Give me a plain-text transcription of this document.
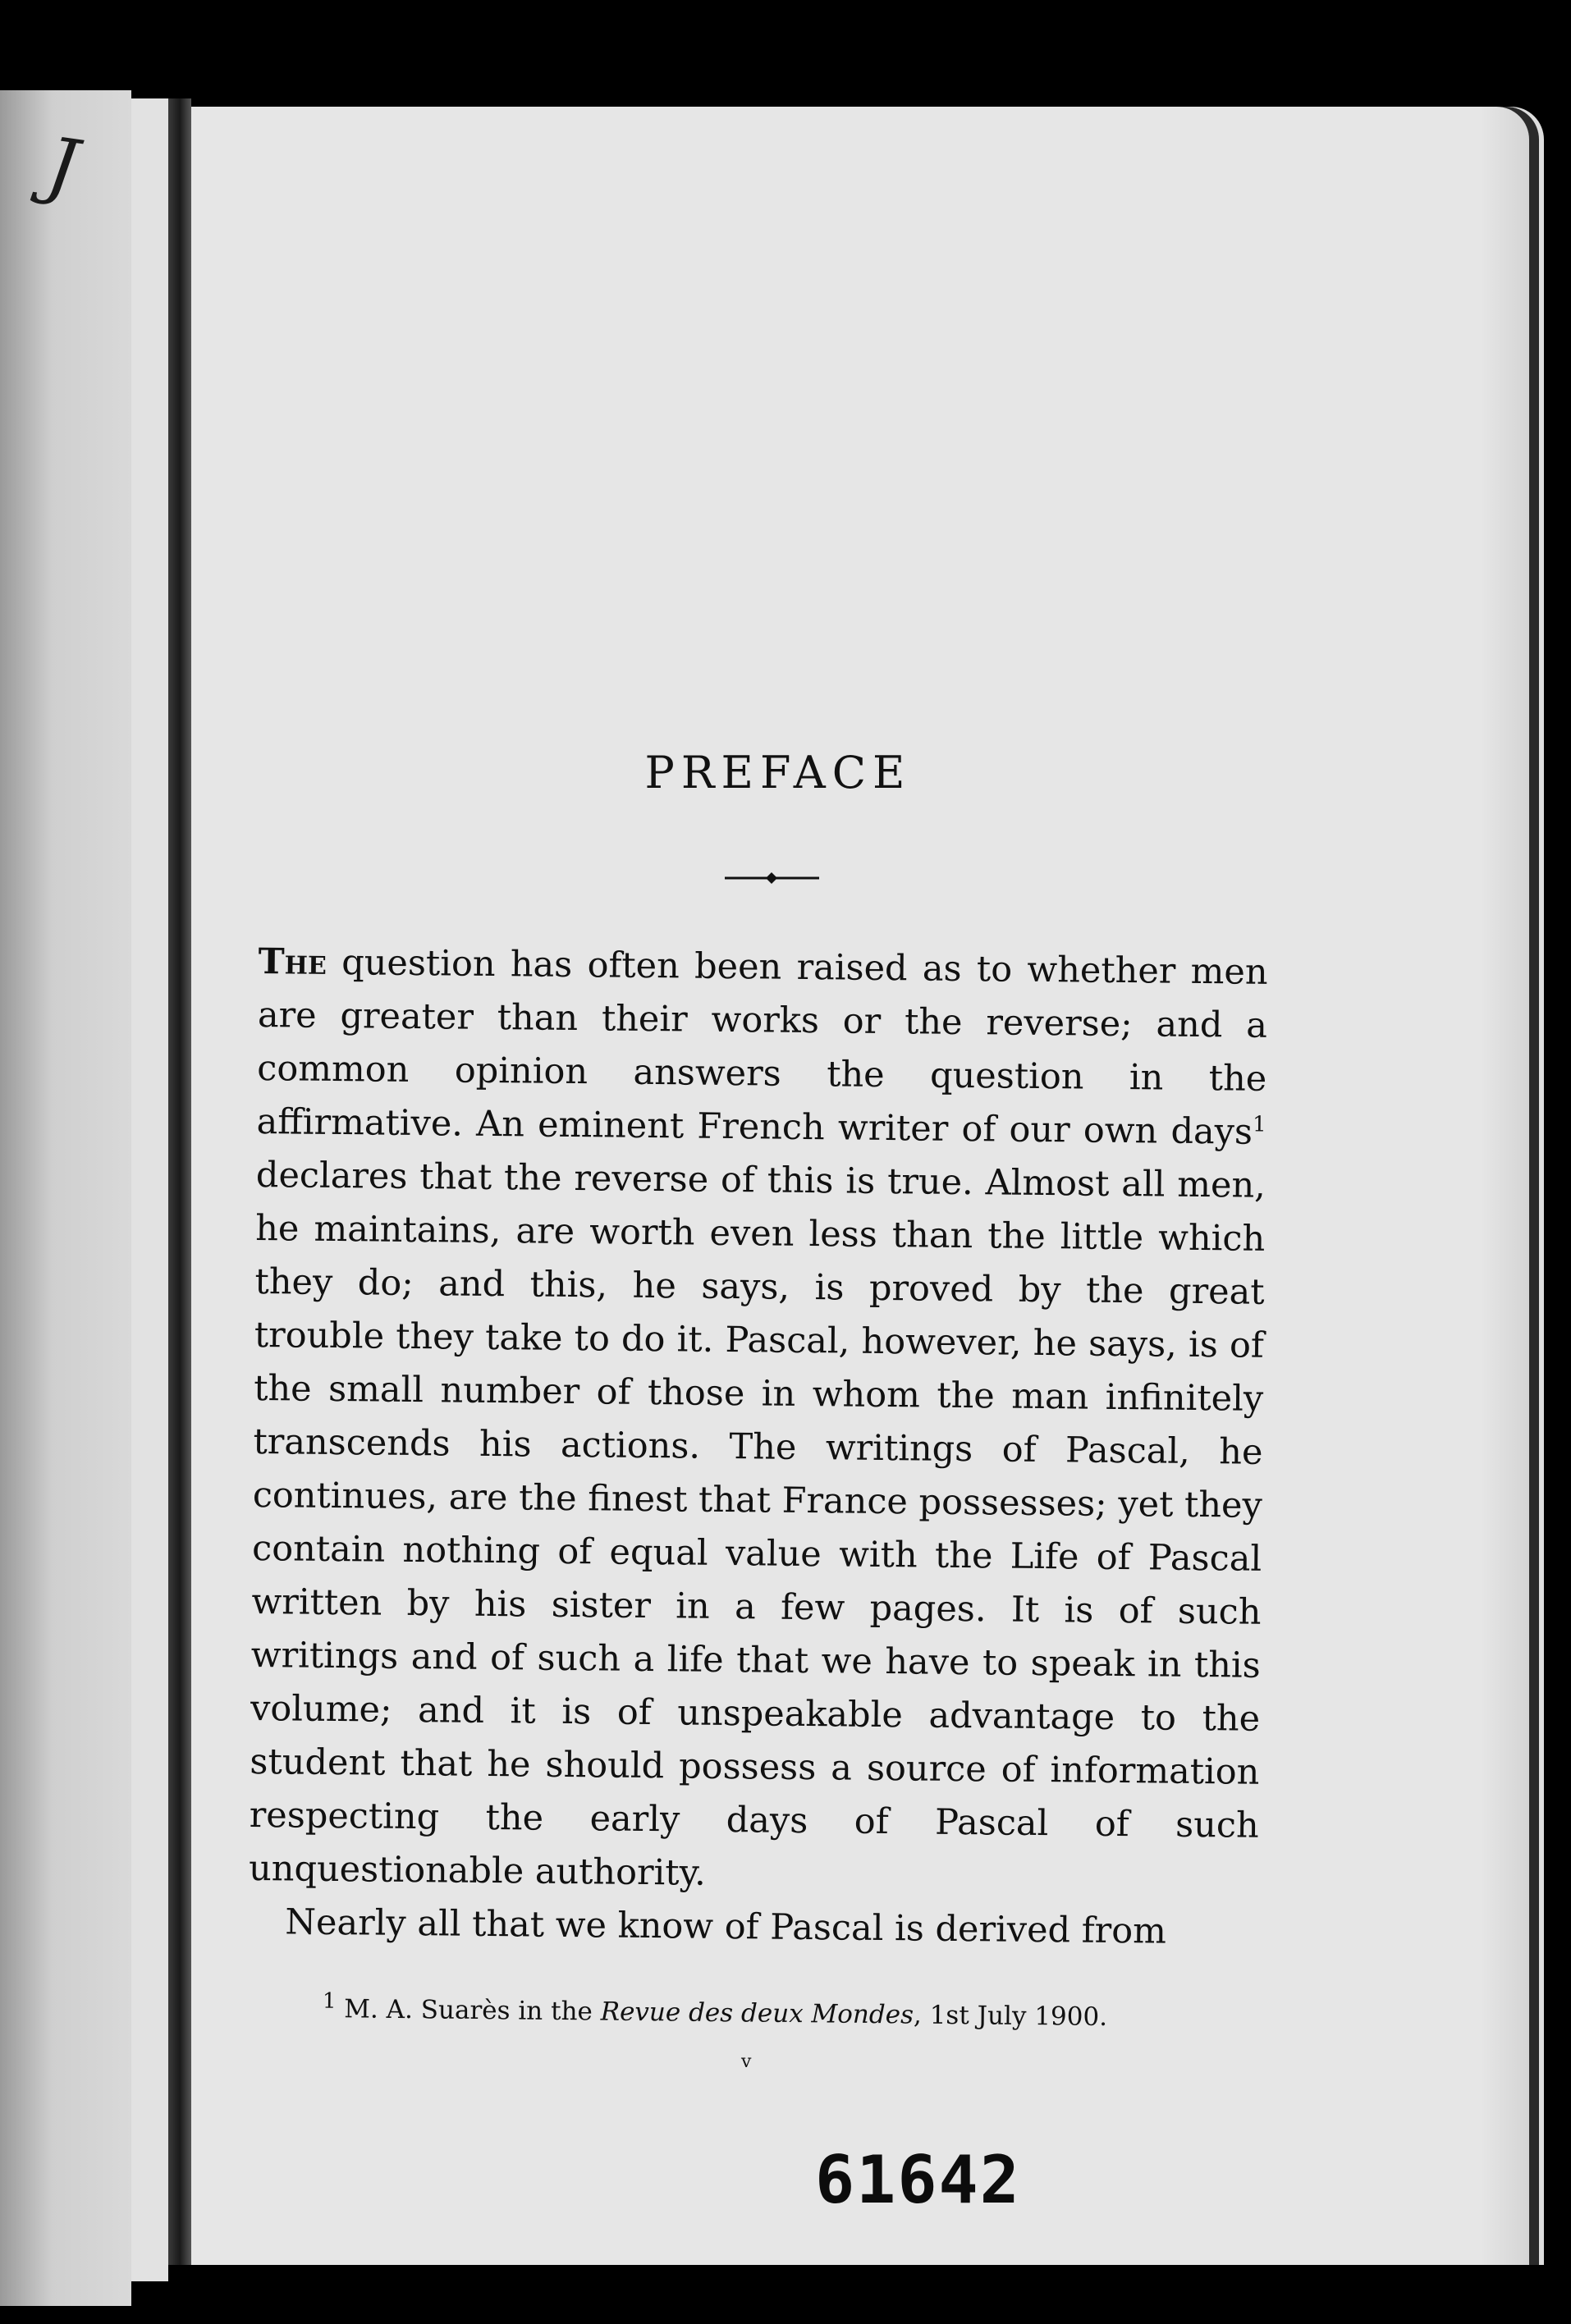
J
PREFACE

The question has often been raised as to whether men are greater than their works or the reverse; and a common opinion answers the question in the affirmative. An eminent French writer of our own days$^1$ declares that the reverse of this is true. Almost all men, he maintains, are worth even less than the little which they do; and this, he says, is proved by the great trouble they take to do it. Pascal, however, he says, is of the small number of those in whom the man infinitely transcends his actions. The writings of Pascal, he continues, are the finest that France possesses; yet they contain nothing of equal value with the Life of Pascal written by his sister in a few pages. It is of such writings and of such a life that we have to speak in this volume; and it is of unspeakable advantage to the student that he should possess a source of information respecting the early days of Pascal of such unquestionable authority.

Nearly all that we know of Pascal is derived from

$^1$ M. A. Suarès in the Revue des deux Mondes, 1st July 1900.
v
61642
